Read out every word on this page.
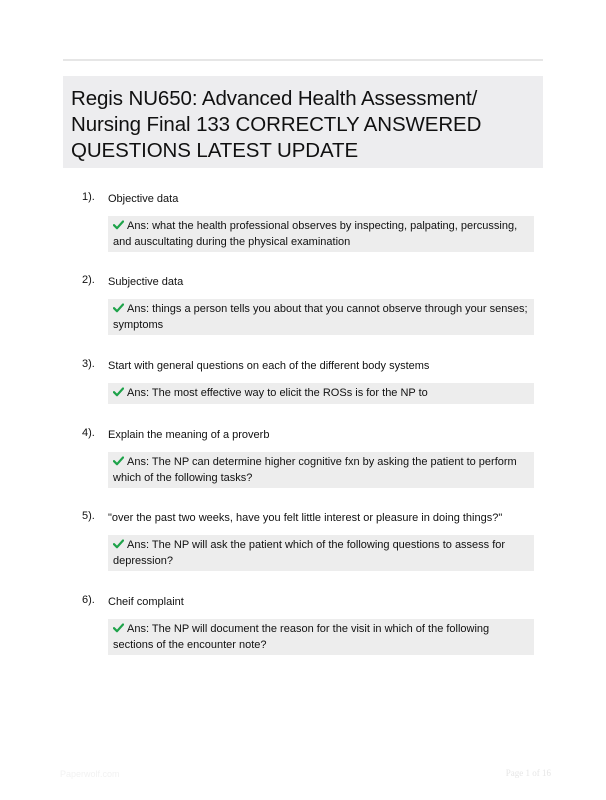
Regis NU650: Advanced Health Assessment/ Nursing Final 133 CORRECTLY ANSWERED QUESTIONS LATEST UPDATE
1). Objective data
Ans: what the health professional observes by inspecting, palpating, percussing, and auscultating during the physical examination
2). Subjective data
Ans: things a person tells you about that you cannot observe through your senses; symptoms
3). Start with general questions on each of the different body systems
Ans: The most effective way to elicit the ROSs is for the NP to
4). Explain the meaning of a proverb
Ans: The NP can determine higher cognitive fxn by asking the patient to perform which of the following tasks?
5). "over the past two weeks, have you felt little interest or pleasure in doing things?"
Ans: The NP will ask the patient which of the following questions to assess for depression?
6). Cheif complaint
Ans: The NP will document the reason for the visit in which of the following sections of the encounter note?
Paperwolf.com	Page 1 of 16
